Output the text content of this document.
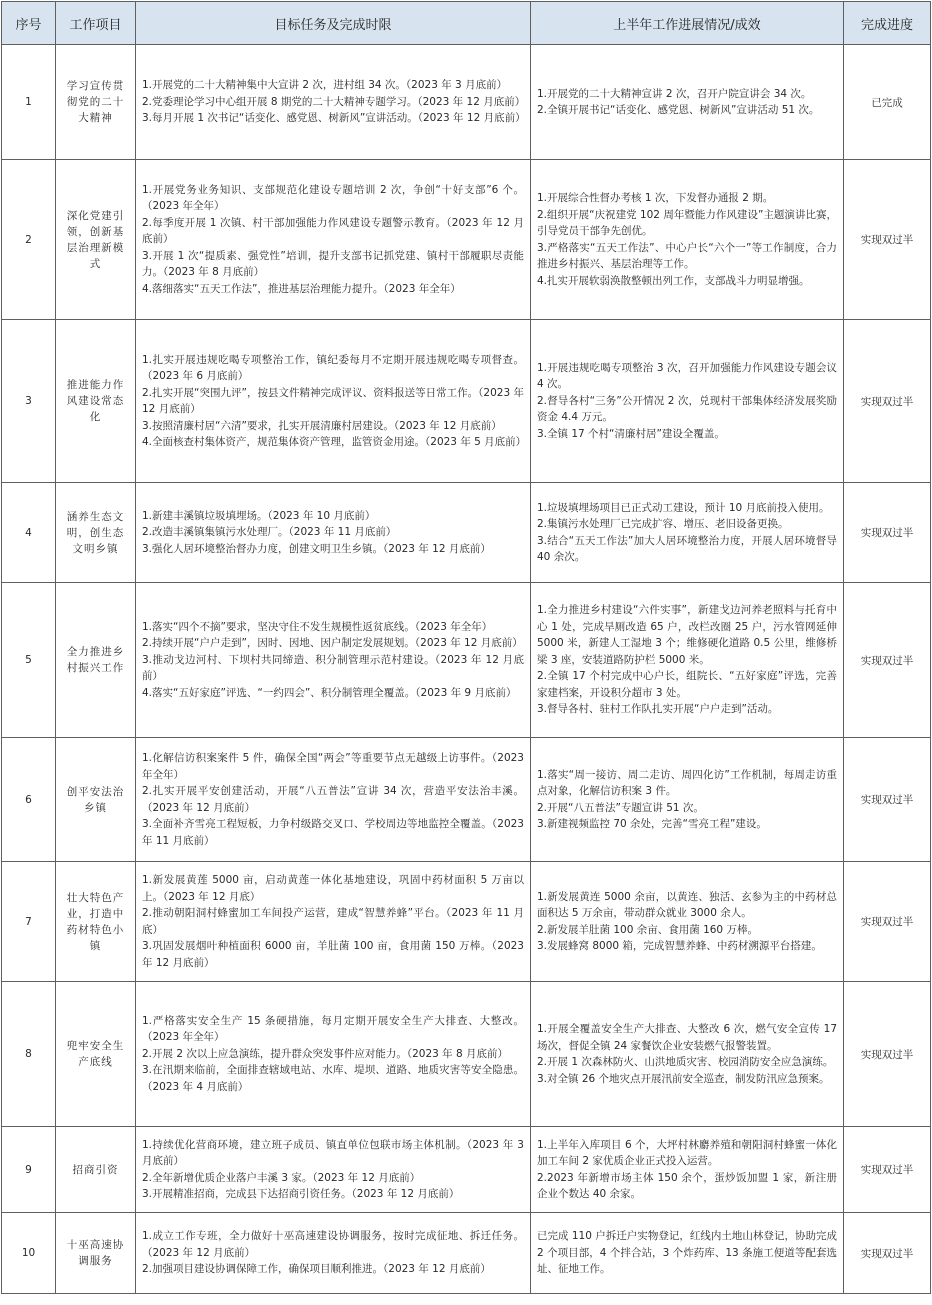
序号	工作项目	目标任务及完成时限	上半年工作进展情况/成效	完成进度
1	学习宣传贯彻党的二十大精神	1.开展党的二十大精神集中大宣讲 2 次，进村组 34 次。（2023 年 3 月底前）
2.党委理论学习中心组开展 8 期党的二十大精神专题学习。（2023 年 12 月底前）
3.每月开展 1 次书记“话变化、感党恩、树新风”宣讲活动。（2023 年 12 月底前）	1.开展党的二十大精神宣讲 2 次，召开户院宣讲会 34 次。
2.全镇开展书记“话变化、感党恩、树新风”宣讲活动 51 次。	已完成
2	深化党建引领，创新基层治理新模式	1.开展党务业务知识、支部规范化建设专题培训 2 次，争创“十好支部”6 个。（2023 年全年）
2.每季度开展 1 次镇、村干部加强能力作风建设专题警示教育。（2023 年 12 月底前）
3.开展 1 次“提质素、强党性”培训，提升支部书记抓党建、镇村干部履职尽责能力。（2023 年 8 月底前）
4.落细落实“五天工作法”，推进基层治理能力提升。（2023 年全年）	1.开展综合性督办考核 1 次，下发督办通报 2 期。
2.组织开展“庆祝建党 102 周年暨能力作风建设”主题演讲比赛，引导党员干部争先创优。
3.严格落实“五天工作法”、中心户长“六个一”等工作制度，合力推进乡村振兴、基层治理等工作。
4.扎实开展软弱涣散整顿出列工作，支部战斗力明显增强。	实现双过半
3	推进能力作风建设常态化	1.扎实开展违规吃喝专项整治工作，镇纪委每月不定期开展违规吃喝专项督查。（2023 年 6 月底前）
2.扎实开展“突围九评”，按县文件精神完成评议、资料报送等日常工作。（2023 年 12 月底前）
3.按照清廉村居“六清”要求，扎实开展清廉村居建设。（2023 年 12 月底前）
4.全面核查村集体资产，规范集体资产管理，监管资金用途。（2023 年 5 月底前）	1.开展违规吃喝专项整治 3 次，召开加强能力作风建设专题会议 4 次。
2.督导各村“三务”公开情况 2 次，兑现村干部集体经济发展奖励资金 4.4 万元。
3.全镇 17 个村“清廉村居”建设全覆盖。	实现双过半
4	涵养生态文明，创生态文明乡镇	1.新建丰溪镇垃圾填埋场。（2023 年 10 月底前）
2.改造丰溪镇集镇污水处理厂。（2023 年 11 月底前）
3.强化人居环境整治督办力度，创建文明卫生乡镇。（2023 年 12 月底前）	1.垃圾填埋场项目已正式动工建设，预计 10 月底前投入使用。
2.集镇污水处理厂已完成扩容、增压、老旧设备更换。
3.结合“五天工作法”加大人居环境整治力度，开展人居环境督导 40 余次。	实现双过半
5	全力推进乡村振兴工作	1.落实“四个不摘”要求，坚决守住不发生规模性返贫底线。（2023 年全年）
2.持续开展“户户走到”，因时、因地、因户制定发展规划。（2023 年 12 月底前）
3.推动戈边河村、下坝村共同缔造、积分制管理示范村建设。（2023 年 12 月底前）
4.落实“五好家庭”评选、“一约四会”、积分制管理全覆盖。（2023 年 9 月底前）	1.全力推进乡村建设“六件实事”，新建戈边河养老照料与托育中心 1 处，完成旱厕改造 65 户，改栏改圈 25 户，污水管网延伸 5000 米，新建人工湿地 3 个；维修硬化道路 0.5 公里，维修桥梁 3 座，安装道路防护栏 5000 米。
2.全镇 17 个村完成中心户长，组院长、“五好家庭”评选，完善家建档案，开设积分超市 3 处。
3.督导各村、驻村工作队扎实开展“户户走到”活动。	实现双过半
6	创平安法治乡镇	1.化解信访积案案件 5 件，确保全国“两会”等重要节点无越级上访事件。（2023 年全年）
2.扎实开展平安创建活动，开展“八五普法”宣讲 34 次，营造平安法治丰溪。（2023 年 12 月底前）
3.全面补齐雪亮工程短板，力争村级路交叉口、学校周边等地监控全覆盖。（2023 年 11 月底前）	1.落实“周一接访、周二走访、周四化访”工作机制，每周走访重点对象，化解信访积案 3 件。
2.开展“八五普法”专题宣讲 51 次。
3.新建视频监控 70 余处，完善“雪亮工程”建设。	实现双过半
7	壮大特色产业，打造中药材特色小镇	1.新发展黄莲 5000 亩，启动黄莲一体化基地建设，巩固中药材面积 5 万亩以上。（2023 年 12 月底）
2.推动朝阳洞村蜂蜜加工车间投产运营，建成“智慧养蜂”平台。（2023 年 11 月底）
3.巩固发展烟叶种植面积 6000 亩，羊肚菌 100 亩，食用菌 150 万棒。（2023 年 12 月底前）	1.新发展黄连 5000 余亩，以黄连、独活、玄参为主的中药材总面积达 5 万余亩，带动群众就业 3000 余人。
2.新发展羊肚菌 100 余亩、食用菌 160 万棒。
3.发展蜂窝 8000 箱，完成智慧养蜂、中药材溯源平台搭建。	实现双过半
8	兜牢安全生产底线	1.严格落实安全生产 15 条硬措施，每月定期开展安全生产大排查、大整改。（2023 年全年）
2.开展 2 次以上应急演练，提升群众突发事件应对能力。（2023 年 8 月底前）
3.在汛期来临前，全面排查辖域电站、水库、堤坝、道路、地质灾害等安全隐患。（2023 年 4 月底前）	1.开展全覆盖安全生产大排查、大整改 6 次，燃气安全宣传 17 场次，督促全镇 24 家餐饮企业安装燃气报警装置。
2.开展 1 次森林防火、山洪地质灾害、校园消防安全应急演练。
3.对全镇 26 个地灾点开展汛前安全巡查，制发防汛应急预案。	实现双过半
9	招商引资	1.持续优化营商环境，建立班子成员、镇直单位包联市场主体机制。（2023 年 3 月底前）
2.全年新增优质企业落户丰溪 3 家。（2023 年 12 月底前）
3.开展精准招商，完成县下达招商引资任务。（2023 年 12 月底前）	1.上半年入库项目 6 个，大坪村林麝养殖和朝阳洞村蜂蜜一体化加工车间 2 家优质企业正式投入运营。
2.2023 年新增市场主体 150 余个，蛋炒饭加盟 1 家，新注册企业个数达 40 余家。	实现双过半
10	十巫高速协调服务	1.成立工作专班，全力做好十巫高速建设协调服务，按时完成征地、拆迁任务。（2023 年 12 月底前）
2.加强项目建设协调保障工作，确保项目顺利推进。（2023 年 12 月底前）	已完成 110 户拆迁户实物登记，红线内土地山林登记，协助完成 2 个项目部，4 个拌合站，3 个炸药库、13 条施工便道等配套选址、征地工作。	实现双过半
